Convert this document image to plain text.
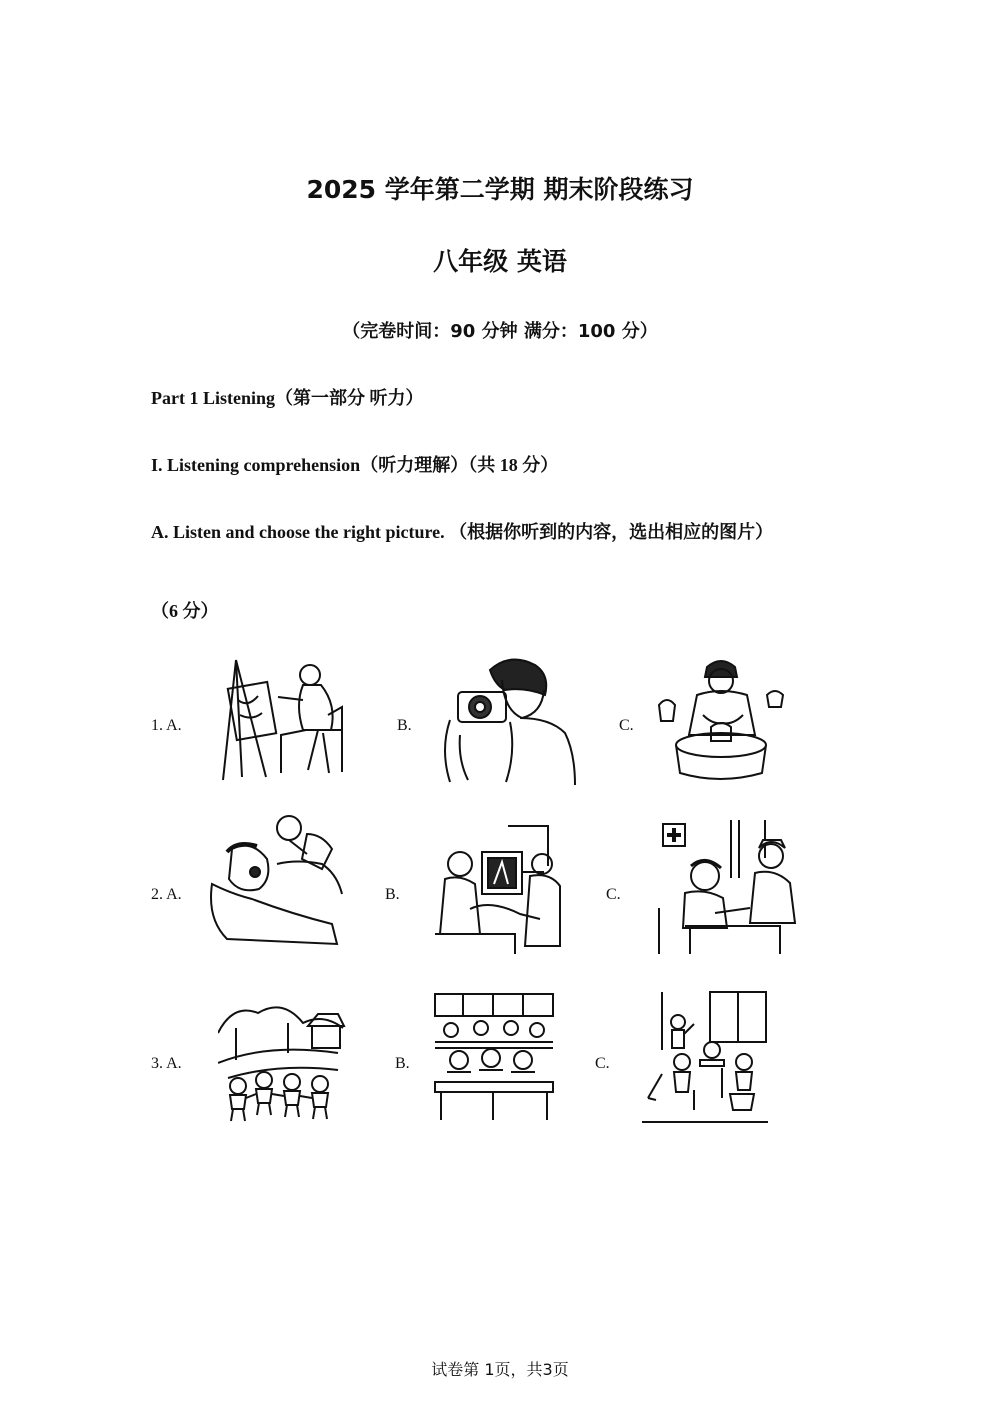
2025 学年第二学期 期末阶段练习
八年级 英语
（完卷时间：90 分钟 满分：100 分）
Part 1 Listening（第一部分 听力）
I. Listening comprehension（听力理解）（共 18 分）
A. Listen and choose the right picture. （根据你听到的内容，选出相应的图片）
（6 分）
1. A.	B.	C.
2. A.	B.	C.
3. A.	B.	C.
试卷第 1页，共3页
